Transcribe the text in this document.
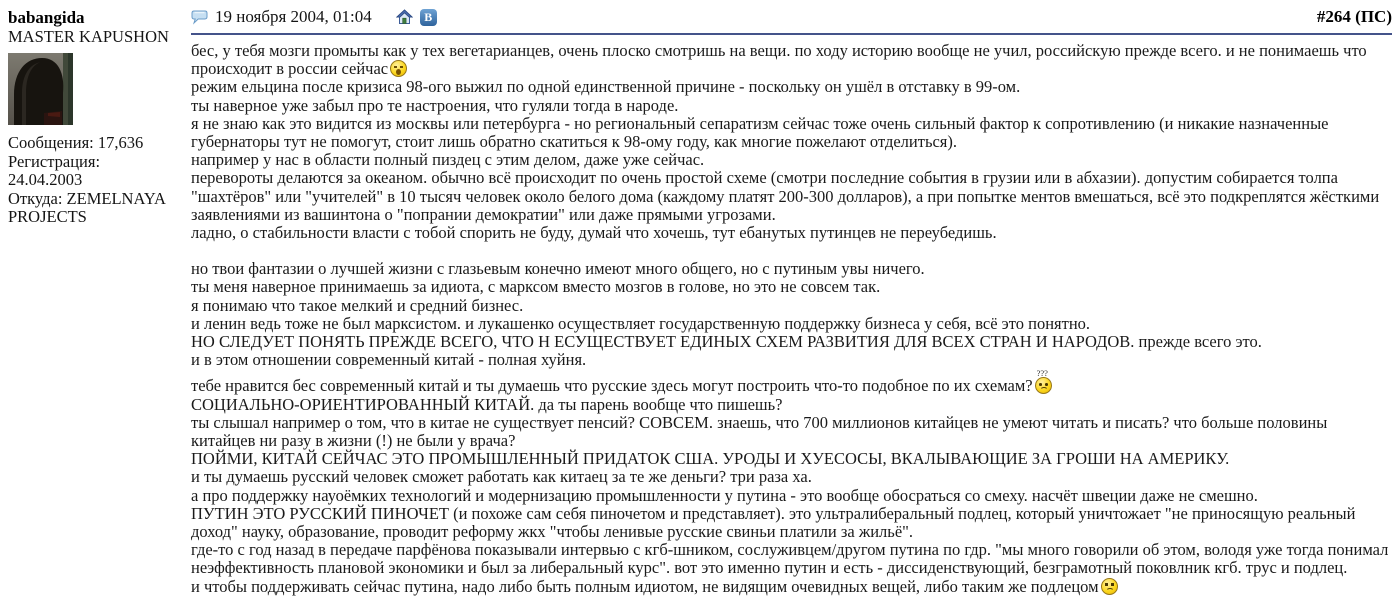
babangida
MASTER KAPUSHON
Сообщения: 17,636
Регистрация: 24.04.2003
Откуда: ZEMELNAYA PROJECTS
19 ноября 2004, 01:04	B	#264 (ПС)
бес, у тебя мозги промыты как у тех вегетарианцев, очень плоско смотришь на вещи. по ходу историю вообще не учил, российскую прежде всего. и не понимаешь что происходит в россии сейчас
режим ельцина после кризиса 98-ого выжил по одной единственной причине - поскольку он ушёл в отставку в 99-ом.
ты наверное уже забыл про те настроения, что гуляли тогда в народе.
я не знаю как это видится из москвы или петербурга - но региональный сепаратизм сейчас тоже очень сильный фактор к сопротивлению (и никакие назначенные губернаторы тут не помогут, стоит лишь обратно скатиться к 98-ому году, как многие пожелают отделиться).
например у нас в области полный пиздец с этим делом, даже уже сейчас.
перевороты делаются за океаном. обычно всё происходит по очень простой схеме (смотри последние события в грузии или в абхазии). допустим собирается толпа "шахтёров" или "учителей" в 10 тысяч человек около белого дома (каждому платят 200-300 долларов), а при попытке ментов вмешаться, всё это подкреплятся жёсткими заявлениями из вашинтона о "попрании демократии" или даже прямыми угрозами.
ладно, о стабильности власти с тобой спорить не буду, думай что хочешь, тут ебанутых путинцев не переубедишь.
но твои фантазии о лучшей жизни с глазьевым конечно имеют много общего, но с путиным увы ничего.
ты меня наверное принимаешь за идиота, с марксом вместо мозгов в голове, но это не совсем так.
я понимаю что такое мелкий и средний бизнес.
и ленин ведь тоже не был марксистом. и лукашенко осуществляет государственную поддержку бизнеса у себя, всё это понятно.
НО СЛЕДУЕТ ПОНЯТЬ ПРЕЖДЕ ВСЕГО, ЧТО Н ЕСУЩЕСТВУЕТ ЕДИНЫХ СХЕМ РАЗВИТИЯ ДЛЯ ВСЕХ СТРАН И НАРОДОВ. прежде всего это.
и в этом отношении современный китай - полная хуйня.
тебе нравится бес современный китай и ты думаешь что русские здесь могут построить что-то подобное по их схемам?
???
СОЦИАЛЬНО-ОРИЕНТИРОВАННЫЙ КИТАЙ. да ты парень вообще что пишешь?
ты слышал например о том, что в китае не существует пенсий? СОВСЕМ. знаешь, что 700 миллионов китайцев не умеют читать и писать? что больше половины китайцев ни разу в жизни (!) не были у врача?
ПОЙМИ, КИТАЙ СЕЙЧАС ЭТО ПРОМЫШЛЕННЫЙ ПРИДАТОК США. УРОДЫ И ХУЕСОСЫ, ВКАЛЫВАЮЩИЕ ЗА ГРОШИ НА АМЕРИКУ.
и ты думаешь русский человек сможет работать как китаец за те же деньги? три раза ха.
а про поддержку науоёмких технологий и модернизацию промышленности у путина - это вообще обосраться со смеху. насчёт швеции даже не смешно.
ПУТИН ЭТО РУССКИЙ ПИНОЧЕТ (и похоже сам себя пиночетом и представляет). это ультралиберальный подлец, который уничтожает "не приносящую реальный доход" науку, образование, проводит реформу жкх "чтобы ленивые русские свиньи платили за жильё".
где-то с год назад в передаче парфёнова показывали интервью с кгб-шником, сослуживцем/другом путина по гдр. "мы много говорили об этом, володя уже тогда понимал неэффективность плановой экономики и был за либеральный курс". вот это именно путин и есть - диссиденствующий, безграмотный поковлник кгб. трус и подлец.
и чтобы поддерживать сейчас путина, надо либо быть полным идиотом, не видящим очевидных вещей, либо таким же подлецом
